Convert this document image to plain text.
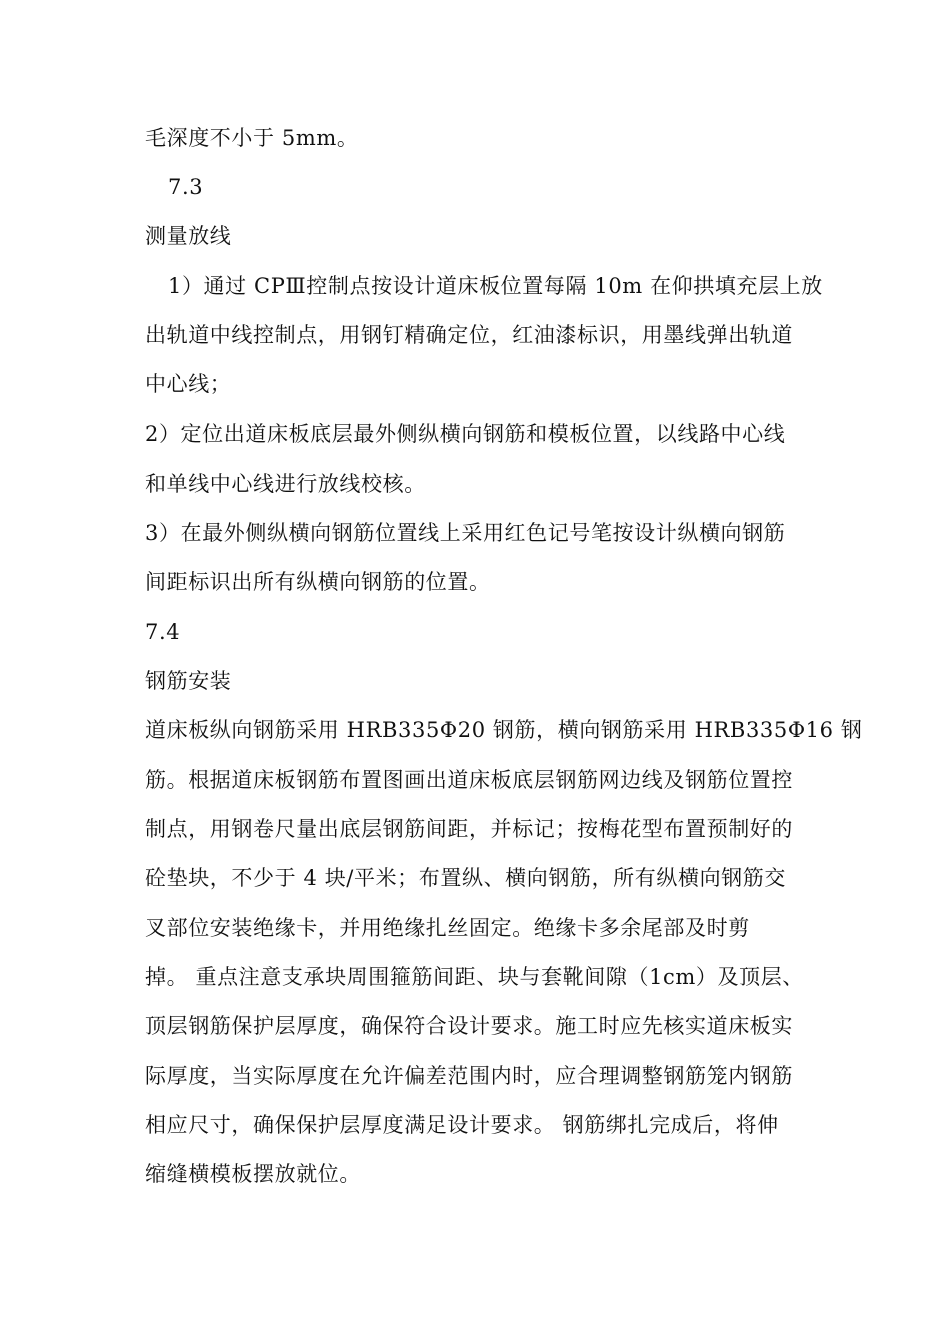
毛深度不小于 5mm。
7.3
测量放线
1）通过 CPⅢ控制点按设计道床板位置每隔 10m 在仰拱填充层上放
出轨道中线控制点，用钢钉精确定位，红油漆标识，用墨线弹出轨道
中心线；
2）定位出道床板底层最外侧纵横向钢筋和模板位置，以线路中心线
和单线中心线进行放线校核。
3）在最外侧纵横向钢筋位置线上采用红色记号笔按设计纵横向钢筋
间距标识出所有纵横向钢筋的位置。
7.4
钢筋安装
道床板纵向钢筋采用 HRB335Φ20 钢筋，横向钢筋采用 HRB335Φ16 钢
筋。根据道床板钢筋布置图画出道床板底层钢筋网边线及钢筋位置控
制点，用钢卷尺量出底层钢筋间距，并标记；按梅花型布置预制好的
砼垫块，不少于 4 块/平米；布置纵、横向钢筋，所有纵横向钢筋交
叉部位安装绝缘卡，并用绝缘扎丝固定。绝缘卡多余尾部及时剪
掉。 重点注意支承块周围箍筋间距、块与套靴间隙（1cm）及顶层、
顶层钢筋保护层厚度，确保符合设计要求。施工时应先核实道床板实
际厚度，当实际厚度在允许偏差范围内时，应合理调整钢筋笼内钢筋
相应尺寸，确保保护层厚度满足设计要求。 钢筋绑扎完成后，将伸
缩缝横模板摆放就位。
